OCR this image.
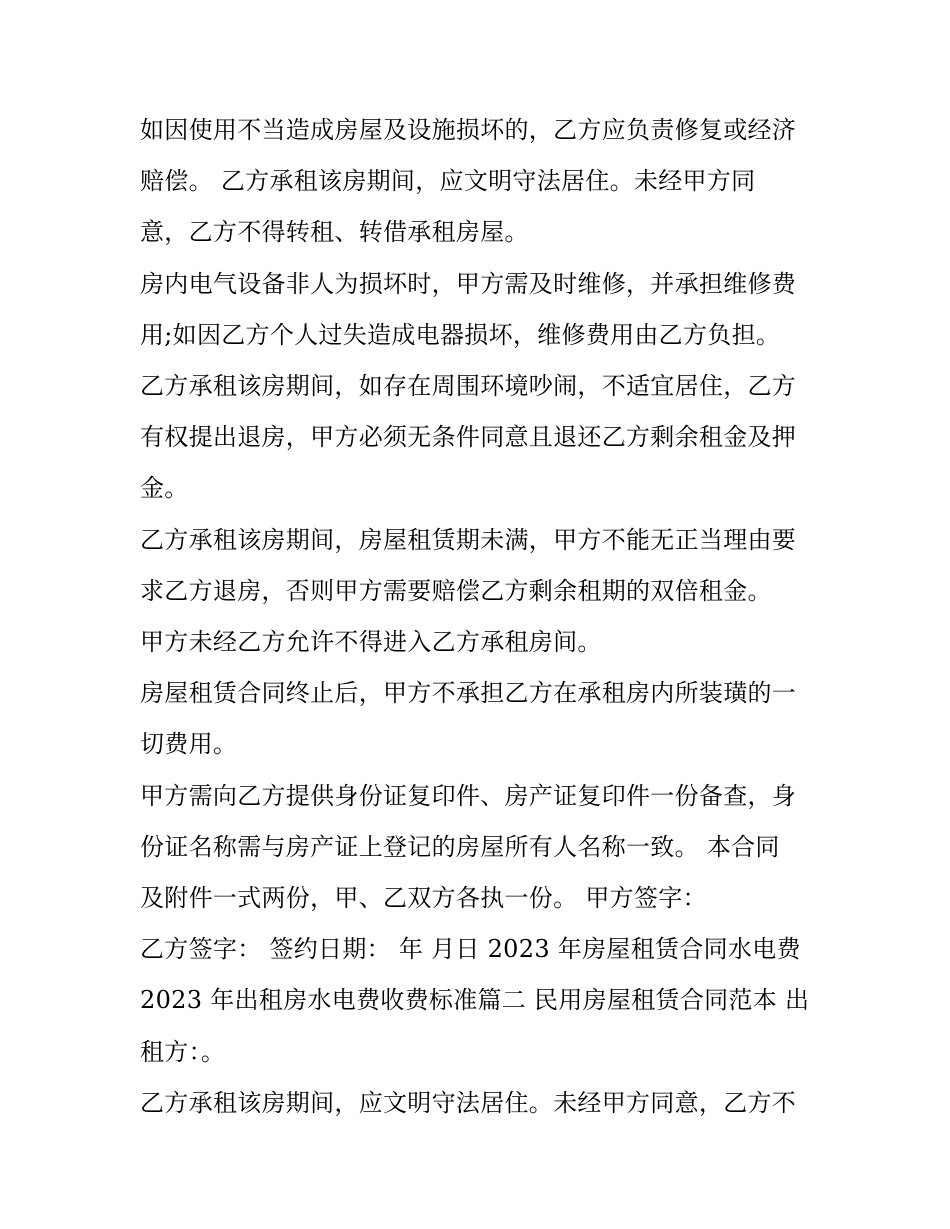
如因使用不当造成房屋及设施损坏的，乙方应负责修复或经济
赔偿。 乙方承租该房期间，应文明守法居住。未经甲方同
意，乙方不得转租、转借承租房屋。
房内电气设备非人为损坏时，甲方需及时维修，并承担维修费
用;如因乙方个人过失造成电器损坏，维修费用由乙方负担。
乙方承租该房期间，如存在周围环境吵闹，不适宜居住，乙方
有权提出退房，甲方必须无条件同意且退还乙方剩余租金及押
金。
乙方承租该房期间，房屋租赁期未满，甲方不能无正当理由要
求乙方退房，否则甲方需要赔偿乙方剩余租期的双倍租金。
甲方未经乙方允许不得进入乙方承租房间。
房屋租赁合同终止后，甲方不承担乙方在承租房内所装璜的一
切费用。
甲方需向乙方提供身份证复印件、房产证复印件一份备查，身
份证名称需与房产证上登记的房屋所有人名称一致。 本合同
及附件一式两份，甲、乙双方各执一份。 甲方签字：
乙方签字： 签约日期： 年 月日 2023 年房屋租赁合同水电费
2023 年出租房水电费收费标准篇二 民用房屋租赁合同范本 出
租方：。
乙方承租该房期间，应文明守法居住。未经甲方同意，乙方不
